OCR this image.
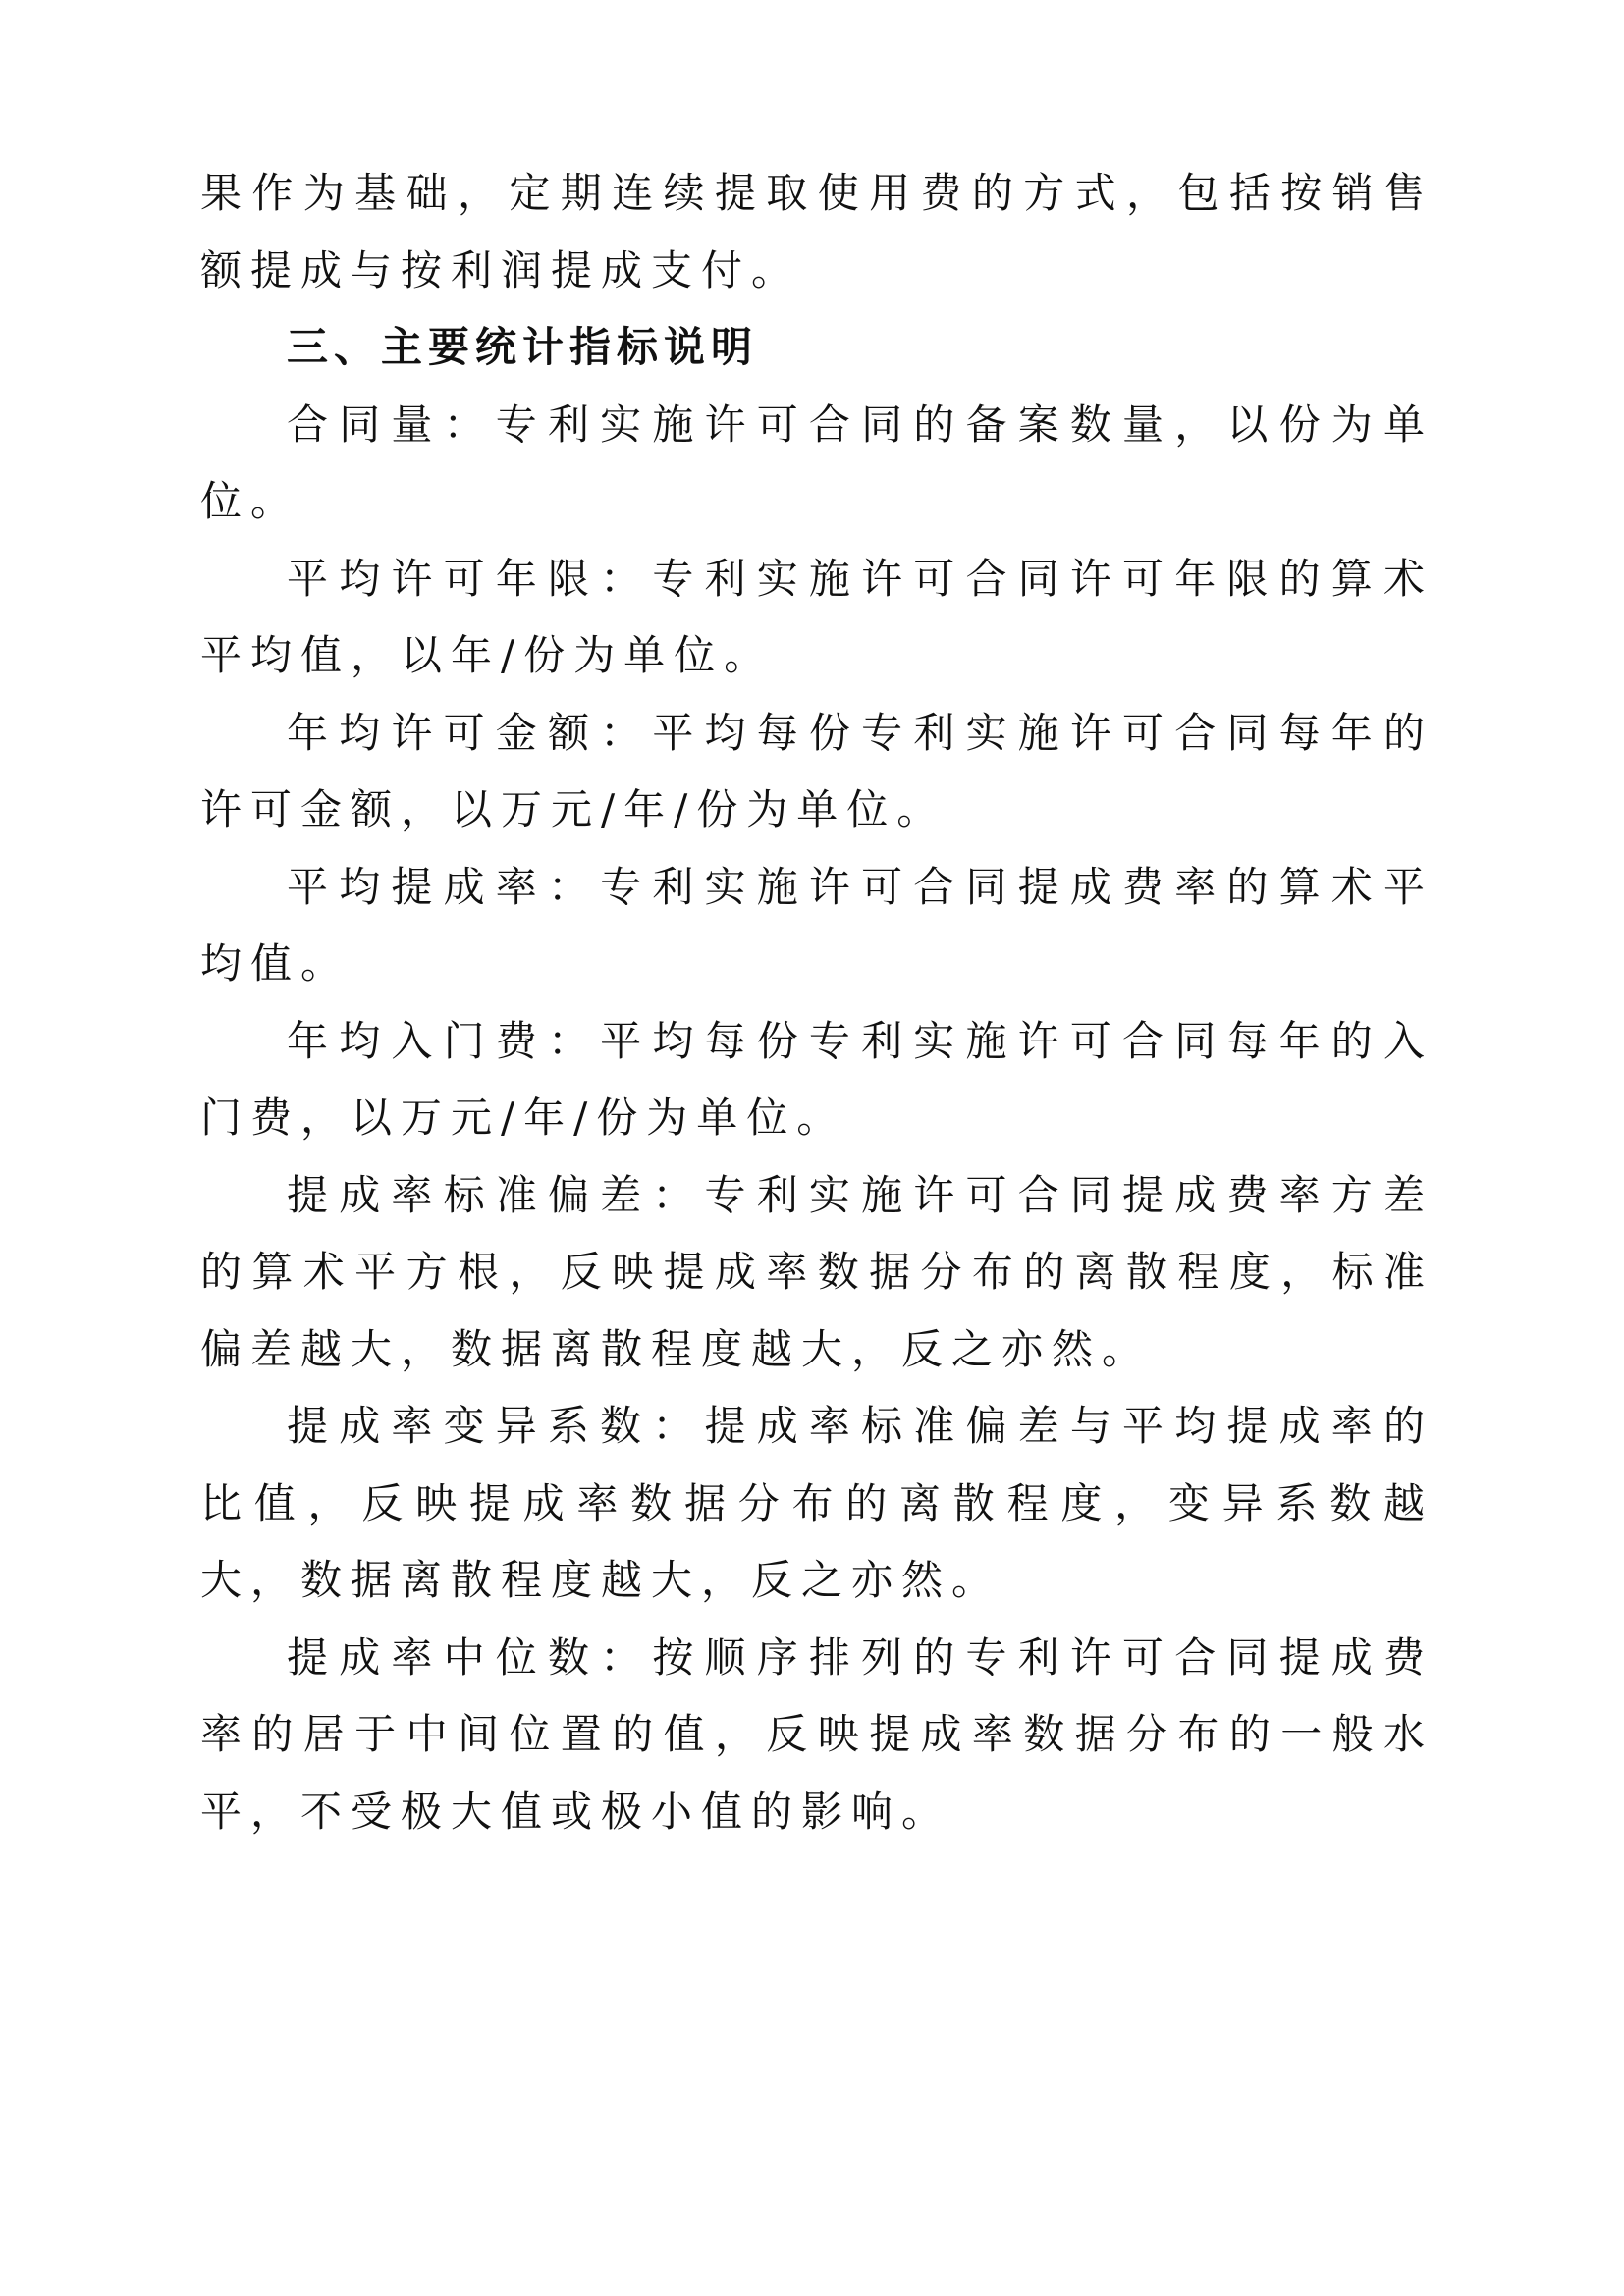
果作为基础，定期连续提取使用费的方式，包括按销售额提成与按利润提成支付。

三、主要统计指标说明

合同量：专利实施许可合同的备案数量，以份为单位。

平均许可年限：专利实施许可合同许可年限的算术平均值，以年/份为单位。

年均许可金额：平均每份专利实施许可合同每年的许可金额，以万元/年/份为单位。

平均提成率：专利实施许可合同提成费率的算术平均值。

年均入门费：平均每份专利实施许可合同每年的入门费，以万元/年/份为单位。

提成率标准偏差：专利实施许可合同提成费率方差的算术平方根，反映提成率数据分布的离散程度，标准偏差越大，数据离散程度越大，反之亦然。

提成率变异系数：提成率标准偏差与平均提成率的比值，反映提成率数据分布的离散程度，变异系数越大，数据离散程度越大，反之亦然。

提成率中位数：按顺序排列的专利许可合同提成费率的居于中间位置的值，反映提成率数据分布的一般水平，不受极大值或极小值的影响。
